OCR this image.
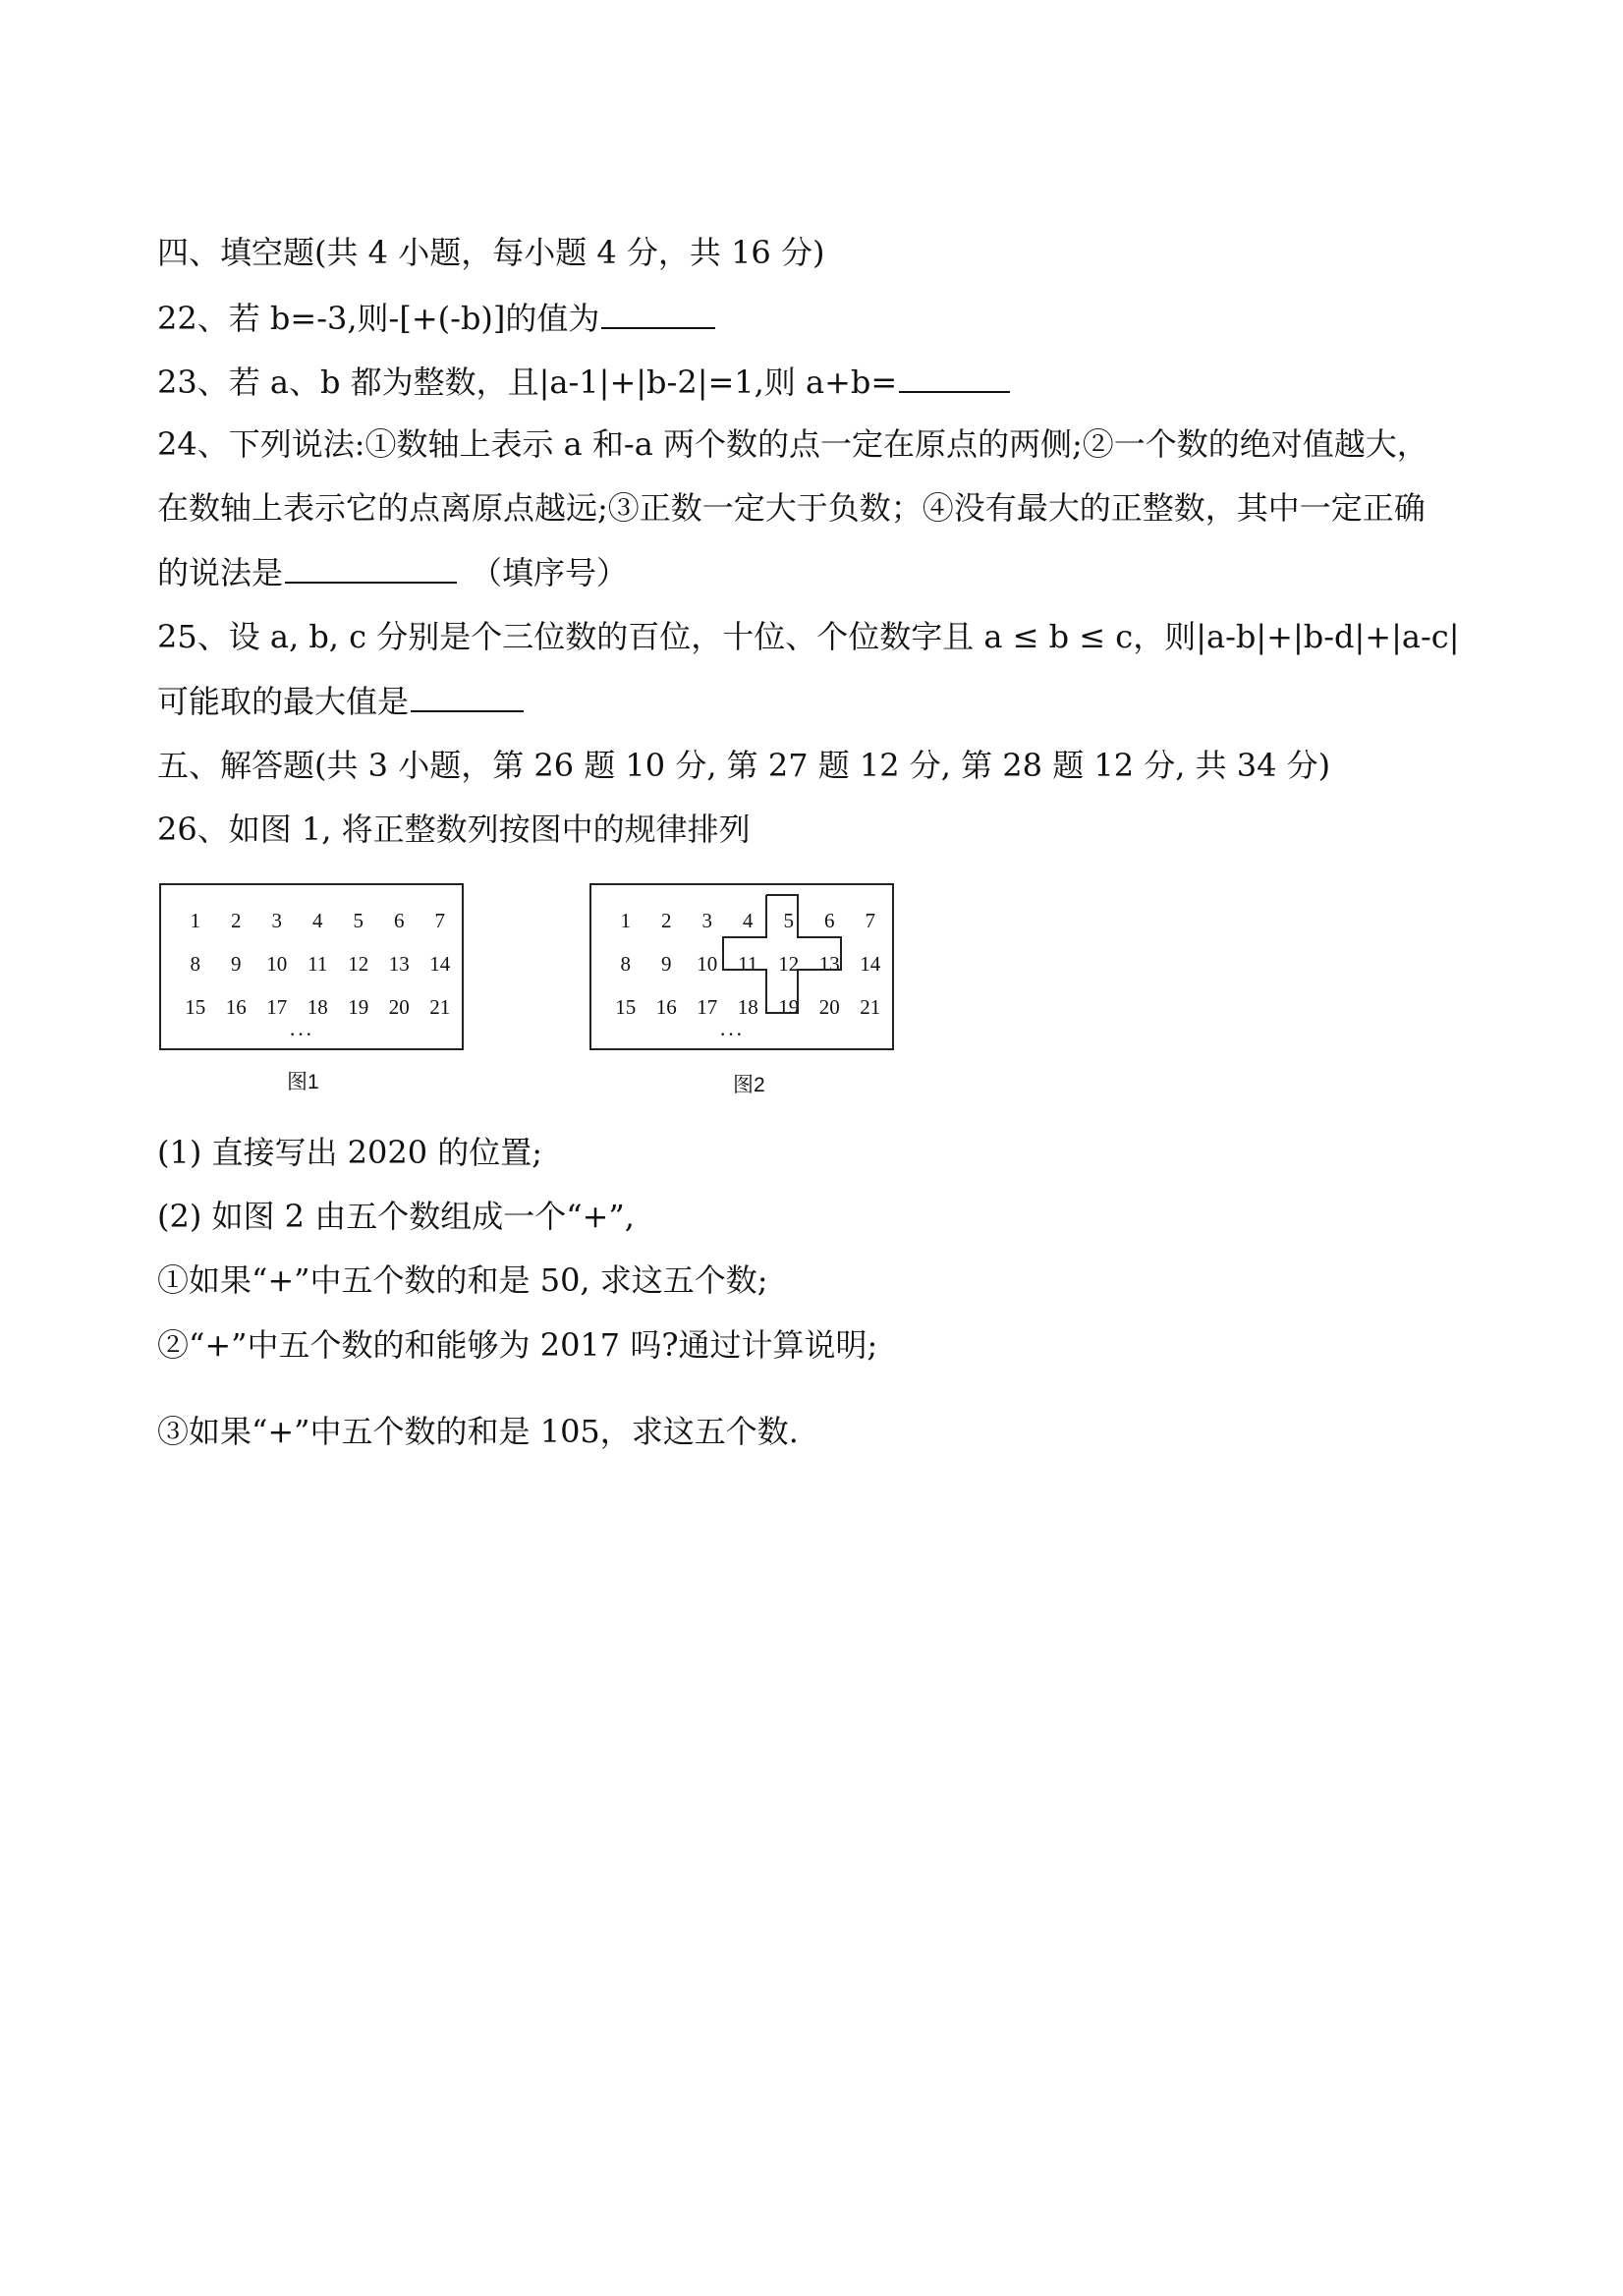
四、填空题(共 4 小题，每小题 4 分，共 16 分)
22、若 b=-3,则-[+(-b)]的值为
23、若 a、b 都为整数，且|a-1|+|b-2|=1,则 a+b=
24、下列说法:①数轴上表示 a 和-a 两个数的点一定在原点的两侧;②一个数的绝对值越大，
在数轴上表示它的点离原点越远;③正数一定大于负数；④没有最大的正整数，其中一定正确
的说法是	（填序号）
25、设 a, b, c 分别是个三位数的百位，十位、个位数字且 a ≤ b ≤ c，则|a-b|+|b-d|+|a-c|
可能取的最大值是
五、解答题(共 3 小题，第 26 题 10 分, 第 27 题 12 分, 第 28 题 12 分, 共 34 分)
26、如图 1, 将正整数列按图中的规律排列
1	2	3	4	5	6	7
8	9	10 11 12 13 14
15 16 17 18 19 20 21
···
图1
1	2	3	4	5	6	7
8	9	10 11 12 13 14
15 16 17 18 19 20 21
···
图2
(1) 直接写出 2020 的位置;
(2) 如图 2 由五个数组成一个“+”,
①如果“+”中五个数的和是 50, 求这五个数;
②“+”中五个数的和能够为 2017 吗?通过计算说明;
③如果“+”中五个数的和是 105，求这五个数.
